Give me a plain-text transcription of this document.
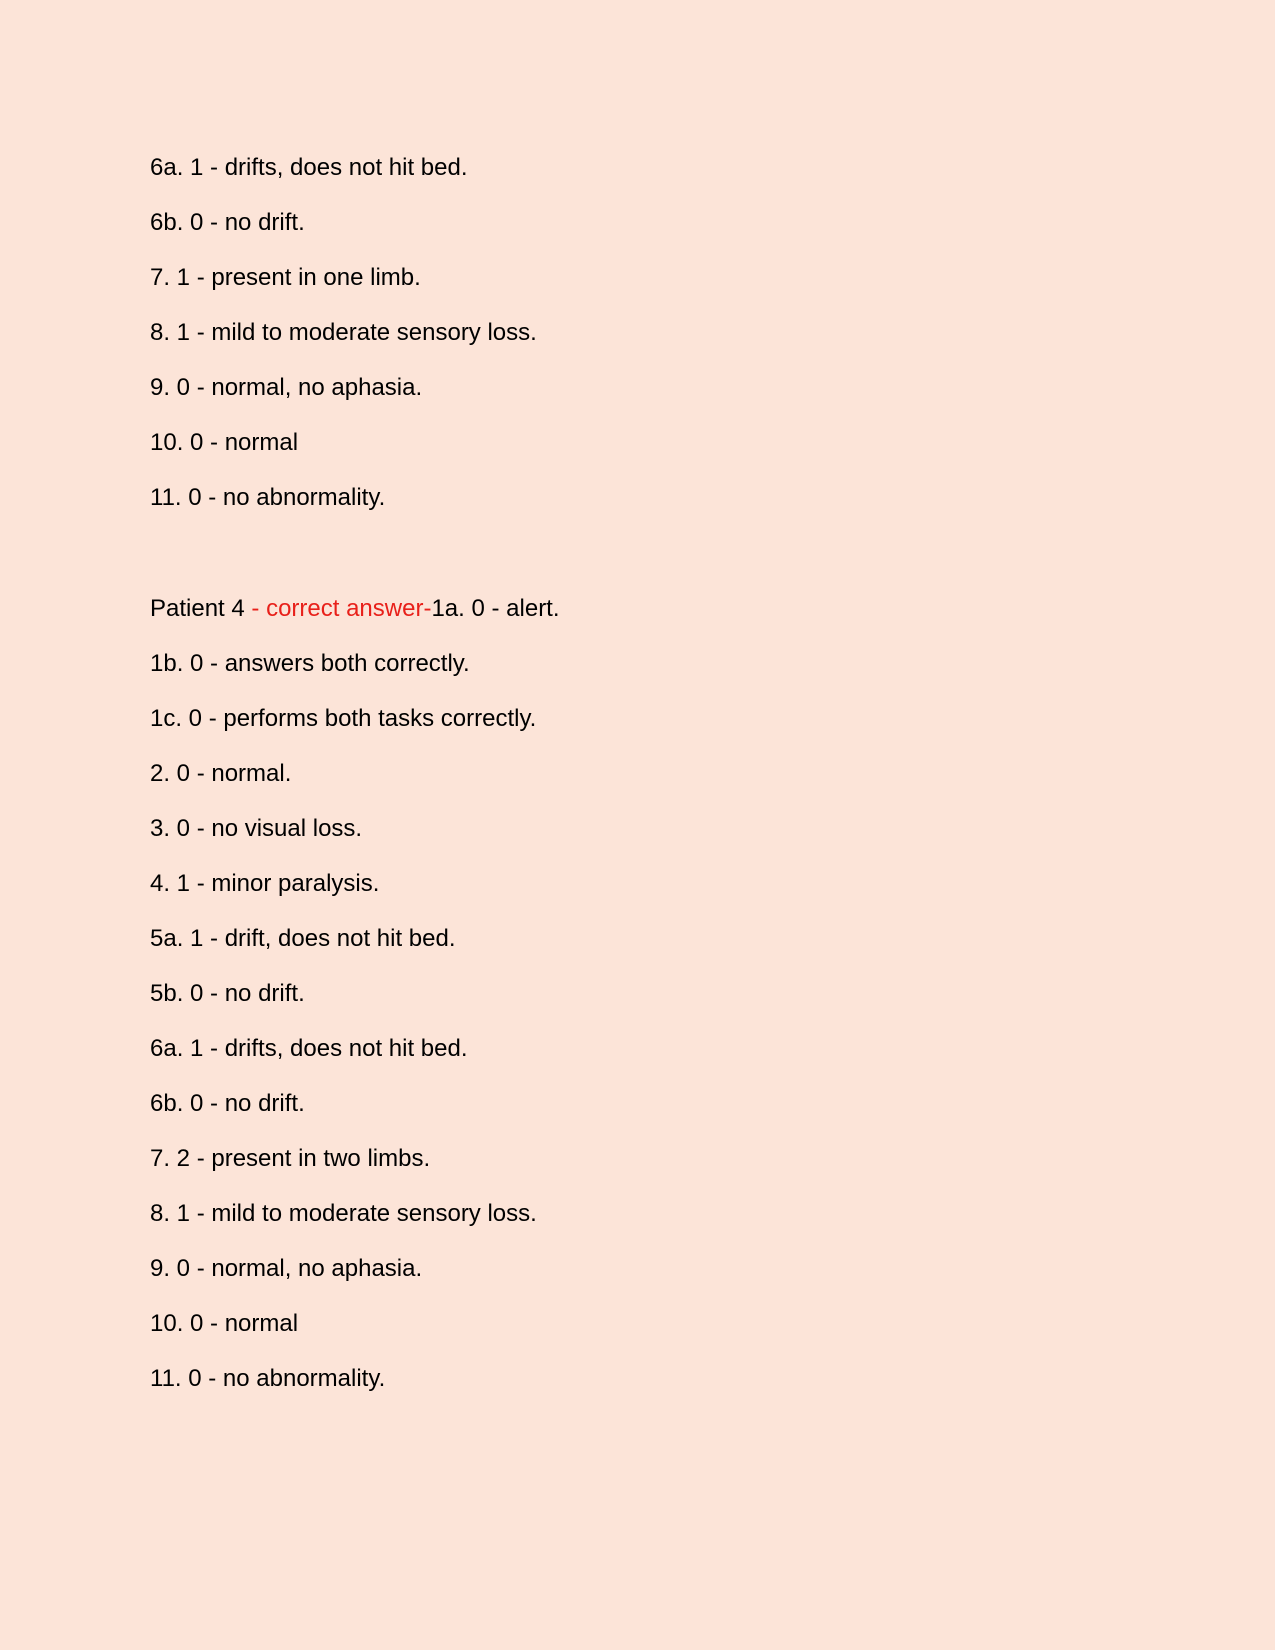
6a. 1 - drifts, does not hit bed.

6b. 0 - no drift.

7. 1 - present in one limb.

8. 1 - mild to moderate sensory loss.

9. 0 - normal, no aphasia.

10. 0 - normal

11. 0 - no abnormality.

Patient 4 - correct answer-1a. 0 - alert.

1b. 0 - answers both correctly.

1c. 0 - performs both tasks correctly.

2. 0 - normal.

3. 0 - no visual loss.

4. 1 - minor paralysis.

5a. 1 - drift, does not hit bed.

5b. 0 - no drift.

6a. 1 - drifts, does not hit bed.

6b. 0 - no drift.

7. 2 - present in two limbs.

8. 1 - mild to moderate sensory loss.

9. 0 - normal, no aphasia.

10. 0 - normal

11. 0 - no abnormality.
